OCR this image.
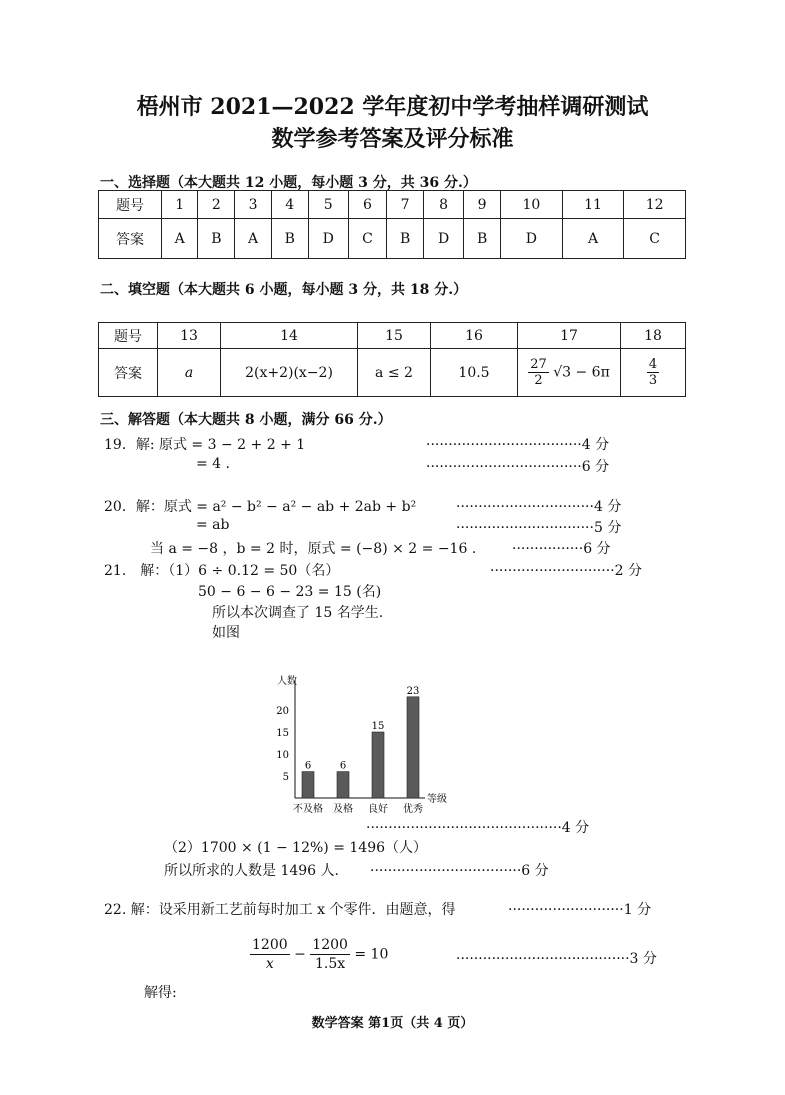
梧州市 2021—2022 学年度初中学考抽样调研测试
数学参考答案及评分标准
一、选择题（本大题共 12 小题，每小题 3 分，共 36 分.）
题号	1	2	3	4	5	6	7	8	9	10	11	12
答案	A	B	A	B	D	C	B	D	B	D	A	C
二、填空题（本大题共 6 小题，每小题 3 分，共 18 分.）
题号	13	14	15	16	17	18
答案	a	2(x+2)(x−2)	a ≤ 2	10.5	$\frac{27}{2} √3 - 6\pi$	$\frac{4}{3}$
三、解答题（本大题共 8 小题，满分 66 分.）
19．解: 原式 = 3 − 2 + 2 + 1
= 4 .
···································4 分
···································6 分
20．解：原式 = a² − b² − a² − ab + 2ab + b²
= ab
当 a = −8 ，b = 2 时，原式 = (−8) × 2 = −16 .
·······························4 分
·······························5 分
················6 分
21.　解：（1）6 ÷ 0.12 = 50（名）
50 − 6 − 6 − 23 = 15 (名)
所以本次调查了 15 名学生.
如图
····························2 分
人数
等级
5
10
15
20
6
不及格
6
及格
15
良好
23
优秀
············································4 分
（2）1700 × (1 − 12%) = 1496（人）
所以所求的人数是 1496 人. ··································6 分
22. 解：设采用新工艺前每时加工 x 个零件．由题意，得	··························1 分
$\frac{1200}{x} - \frac{1200}{1.5x} = 10$	·······································3 分
解得:
数学答案 第1页（共 4 页）
